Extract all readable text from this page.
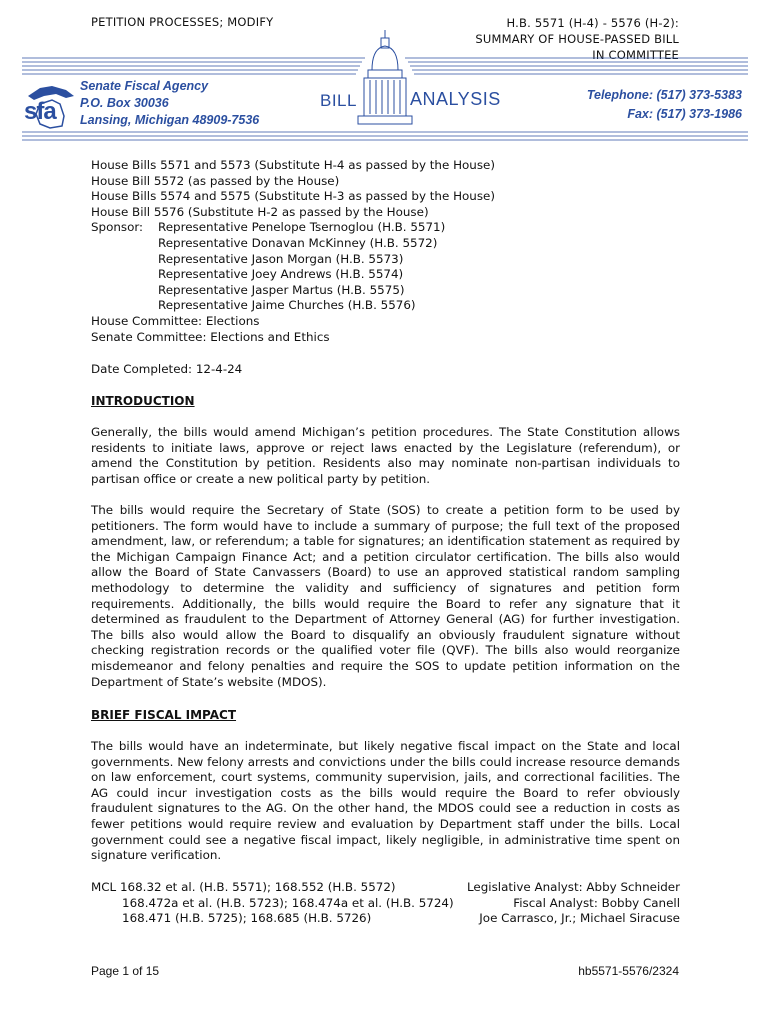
PETITION PROCESSES; MODIFY	H.B. 5571 (H-4) - 5576 (H-2):
SUMMARY OF HOUSE-PASSED BILL
IN COMMITTEE
sfa
Senate Fiscal Agency
P.O. Box 30036
Lansing, Michigan 48909-7536
BILL	ANALYSIS	Telephone: (517) 373-5383
Fax: (517) 373-1986

House Bills 5571 and 5573 (Substitute H-4 as passed by the House)

House Bill 5572 (as passed by the House)

House Bills 5574 and 5575 (Substitute H-3 as passed by the House)

House Bill 5576 (Substitute H-2 as passed by the House)

Sponsor:	Representative Penelope Tsernoglou (H.B. 5571)

Representative Donavan McKinney (H.B. 5572)

Representative Jason Morgan (H.B. 5573)

Representative Joey Andrews (H.B. 5574)

Representative Jasper Martus (H.B. 5575)

Representative Jaime Churches (H.B. 5576)

House Committee: Elections

Senate Committee: Elections and Ethics

Date Completed: 12-4-24
INTRODUCTION
Generally, the bills would amend Michigan’s petition procedures. The State Constitution allows residents to initiate laws, approve or reject laws enacted by the Legislature (referendum), or amend the Constitution by petition. Residents also may nominate non-partisan individuals to partisan office or create a new political party by petition.
The bills would require the Secretary of State (SOS) to create a petition form to be used by petitioners. The form would have to include a summary of purpose; the full text of the proposed amendment, law, or referendum; a table for signatures; an identification statement as required by the Michigan Campaign Finance Act; and a petition circulator certification. The bills also would allow the Board of State Canvassers (Board) to use an approved statistical random sampling methodology to determine the validity and sufficiency of signatures and petition form requirements. Additionally, the bills would require the Board to refer any signature that it determined as fraudulent to the Department of Attorney General (AG) for further investigation. The bills also would allow the Board to disqualify an obviously fraudulent signature without checking registration records or the qualified voter file (QVF). The bills also would reorganize misdemeanor and felony penalties and require the SOS to update petition information on the Department of State’s website (MDOS).
BRIEF FISCAL IMPACT
The bills would have an indeterminate, but likely negative fiscal impact on the State and local governments. New felony arrests and convictions under the bills could increase resource demands on law enforcement, court systems, community supervision, jails, and correctional facilities. The AG could incur investigation costs as the bills would require the Board to refer obviously fraudulent signatures to the AG. On the other hand, the MDOS could see a reduction in costs as fewer petitions would require review and evaluation by Department staff under the bills. Local government could see a negative fiscal impact, likely negligible, in administrative time spent on signature verification.
MCL 168.32 et al. (H.B. 5571); 168.552 (H.B. 5572)	Legislative Analyst: Abby Schneider
168.472a et al. (H.B. 5723); 168.474a et al. (H.B. 5724)	Fiscal Analyst: Bobby Canell
168.471 (H.B. 5725); 168.685 (H.B. 5726)	Joe Carrasco, Jr.; Michael Siracuse
Page 1 of 15	hb5571-5576/2324
